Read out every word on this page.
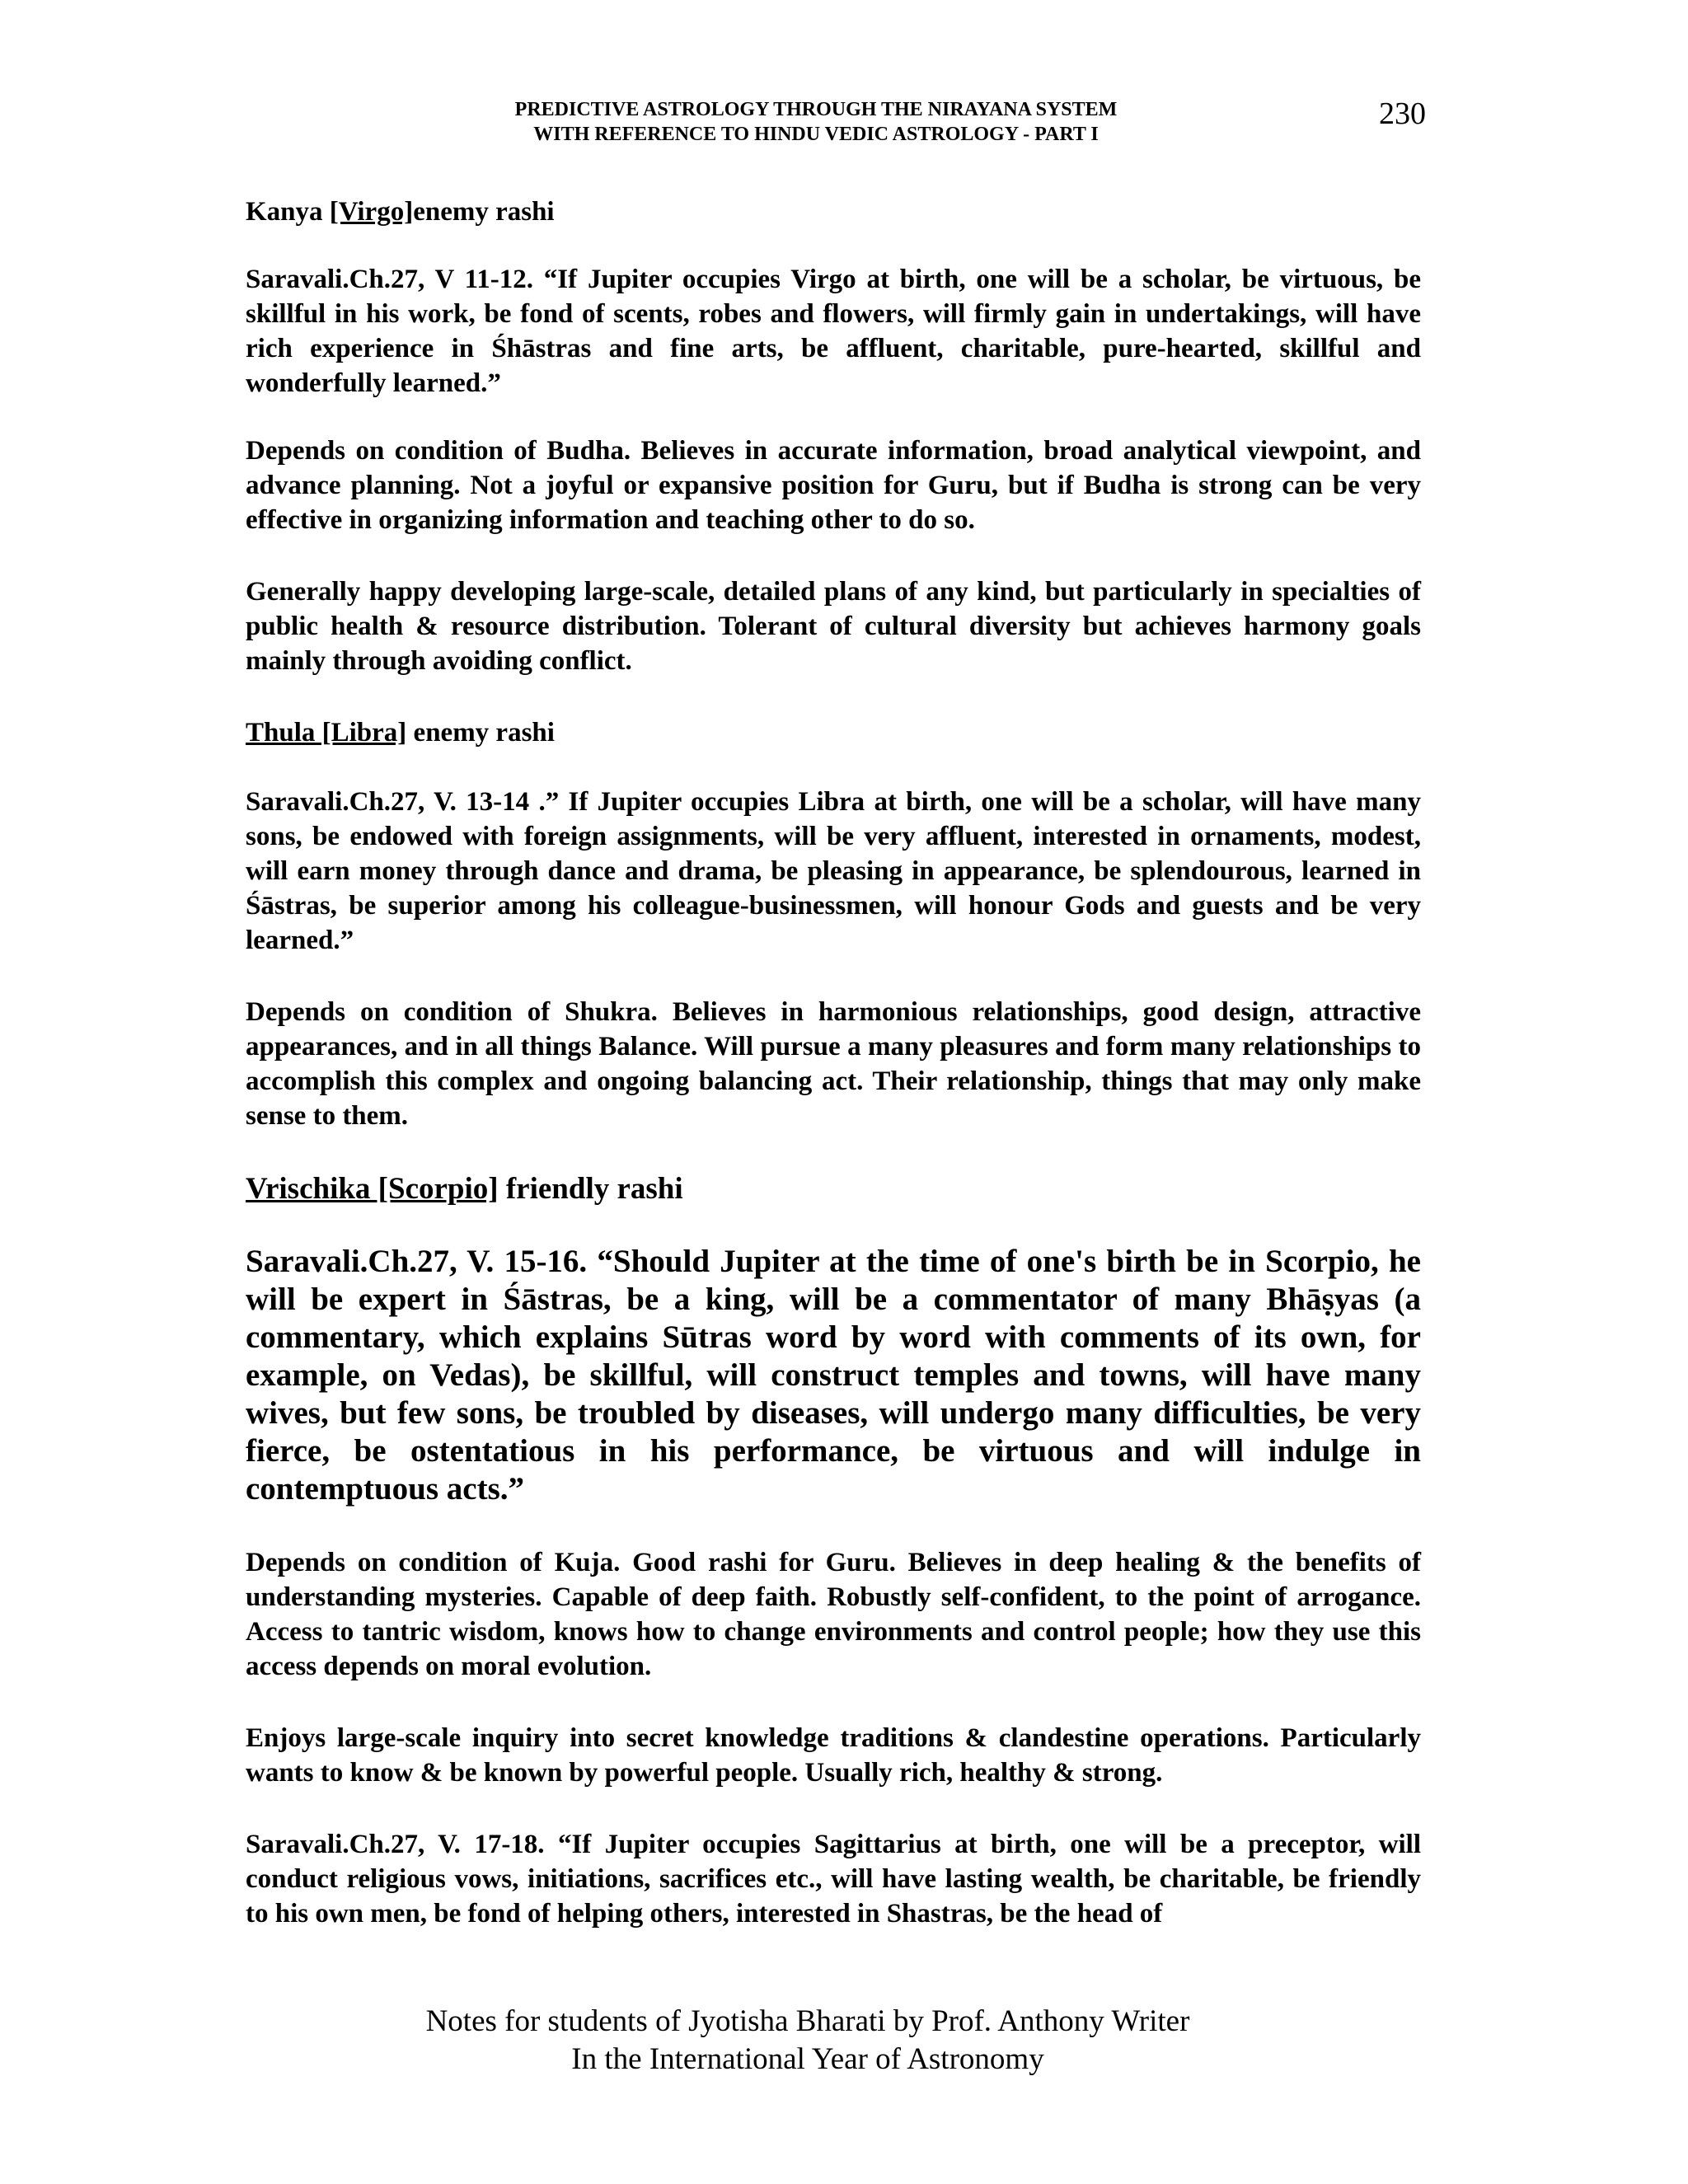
PREDICTIVE ASTROLOGY THROUGH THE NIRAYANA SYSTEM
WITH REFERENCE TO HINDU VEDIC ASTROLOGY - PART I
230

Kanya [Virgo]enemy rashi

Saravali.Ch.27, V 11-12. “If Jupiter occupies Virgo at birth, one will be a scholar, be virtuous, be skillful in his work, be fond of scents, robes and flowers, will firmly gain in undertakings, will have rich experience in Śhāstras and fine arts, be affluent, charitable, pure-hearted, skillful and wonderfully learned.”

Depends on condition of Budha. Believes in accurate information, broad analytical viewpoint, and advance planning. Not a joyful or expansive position for Guru, but if Budha is strong can be very effective in organizing information and teaching other to do so.

Generally happy developing large-scale, detailed plans of any kind, but particularly in specialties of public health & resource distribution. Tolerant of cultural diversity but achieves harmony goals mainly through avoiding conflict.

Thula [Libra] enemy rashi

Saravali.Ch.27, V. 13-14 .” If Jupiter occupies Libra at birth, one will be a scholar, will have many sons, be endowed with foreign assignments, will be very affluent, interested in ornaments, modest, will earn money through dance and drama, be pleasing in appearance, be splendourous, learned in Śāstras, be superior among his colleague-businessmen, will honour Gods and guests and be very learned.”

Depends on condition of Shukra. Believes in harmonious relationships, good design, attractive appearances, and in all things Balance. Will pursue a many pleasures and form many relationships to accomplish this complex and ongoing balancing act. Their relationship, things that may only make sense to them.

Vrischika [Scorpio] friendly rashi

Saravali.Ch.27, V. 15-16. “Should Jupiter at the time of one's birth be in Scorpio, he will be expert in Śāstras, be a king, will be a commentator of many Bhāṣyas (a commentary, which explains Sūtras word by word with comments of its own, for example, on Vedas), be skillful, will construct temples and towns, will have many wives, but few sons, be troubled by diseases, will undergo many difficulties, be very fierce, be ostentatious in his performance, be virtuous and will indulge in contemptuous acts.”

Depends on condition of Kuja. Good rashi for Guru. Believes in deep healing & the benefits of understanding mysteries. Capable of deep faith. Robustly self-confident, to the point of arrogance. Access to tantric wisdom, knows how to change environments and control people; how they use this access depends on moral evolution.

Enjoys large-scale inquiry into secret knowledge traditions & clandestine operations. Particularly wants to know & be known by powerful people. Usually rich, healthy & strong.

Saravali.Ch.27, V. 17-18. “If Jupiter occupies Sagittarius at birth, one will be a preceptor, will conduct religious vows, initiations, sacrifices etc., will have lasting wealth, be charitable, be friendly to his own men, be fond of helping others, interested in Shastras, be the head of

Notes for students of Jyotisha Bharati by Prof. Anthony Writer
In the International Year of Astronomy
